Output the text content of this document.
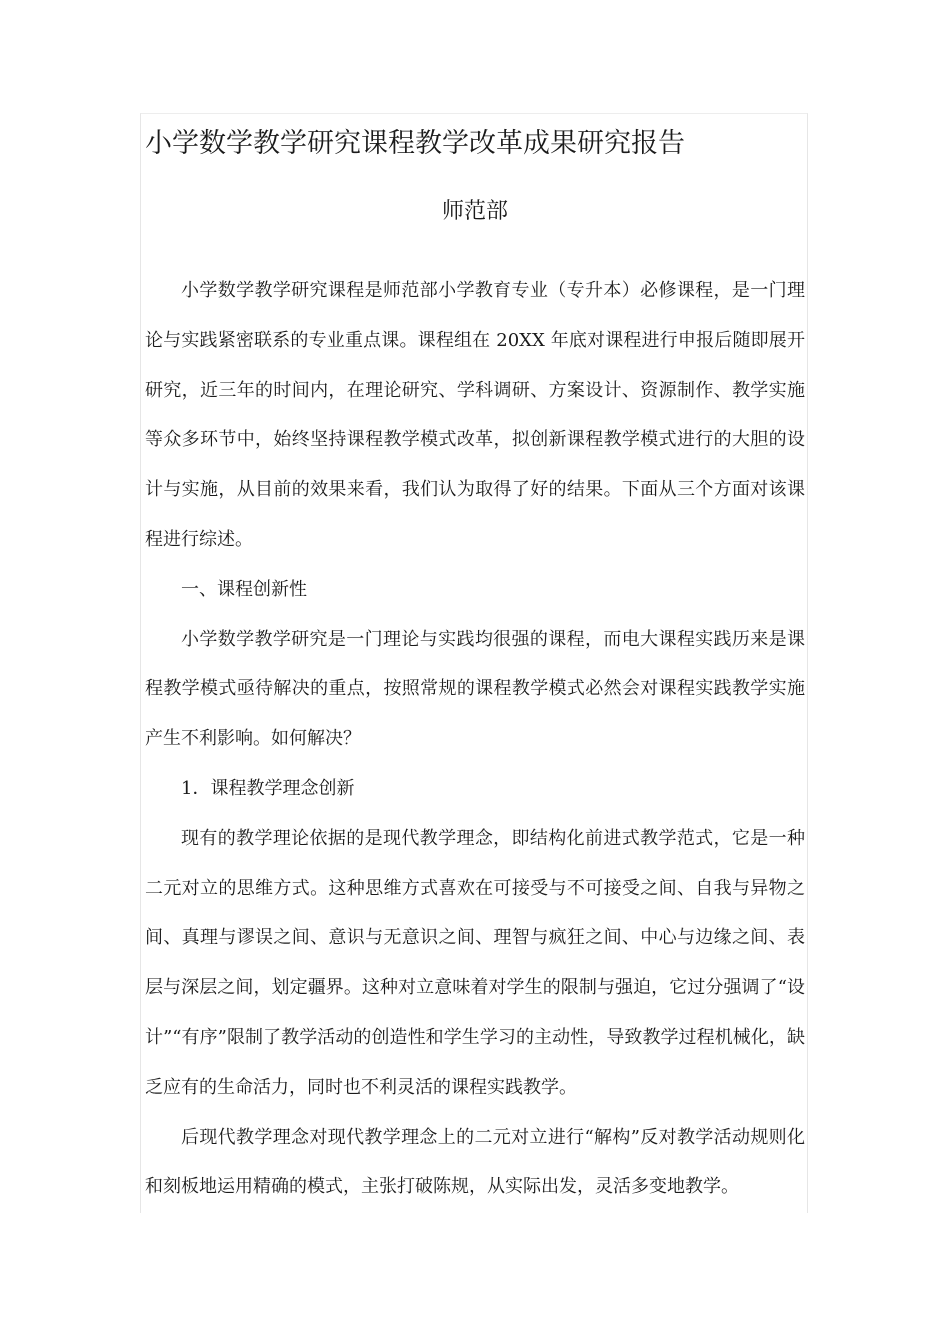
小学数学教学研究课程教学改革成果研究报告
师范部

小学数学教学研究课程是师范部小学教育专业（专升本）必修课程，是一门理论与实践紧密联系的专业重点课。课程组在 20XX 年底对课程进行申报后随即展开研究，近三年的时间内，在理论研究、学科调研、方案设计、资源制作、教学实施等众多环节中，始终坚持课程教学模式改革，拟创新课程教学模式进行的大胆的设计与实施，从目前的效果来看，我们认为取得了好的结果。下面从三个方面对该课程进行综述。

一、课程创新性

小学数学教学研究是一门理论与实践均很强的课程，而电大课程实践历来是课程教学模式亟待解决的重点，按照常规的课程教学模式必然会对课程实践教学实施产生不利影响。如何解决？

1．课程教学理念创新

现有的教学理论依据的是现代教学理念，即结构化前进式教学范式，它是一种二元对立的思维方式。这种思维方式喜欢在可接受与不可接受之间、自我与异物之间、真理与谬误之间、意识与无意识之间、理智与疯狂之间、中心与边缘之间、表层与深层之间，划定疆界。这种对立意味着对学生的限制与强迫，它过分强调了“设计”“有序”限制了教学活动的创造性和学生学习的主动性，导致教学过程机械化，缺乏应有的生命活力，同时也不利灵活的课程实践教学。

后现代教学理念对现代教学理念上的二元对立进行“解构”反对教学活动规则化和刻板地运用精确的模式，主张打破陈规，从实际出发，灵活多变地教学。
